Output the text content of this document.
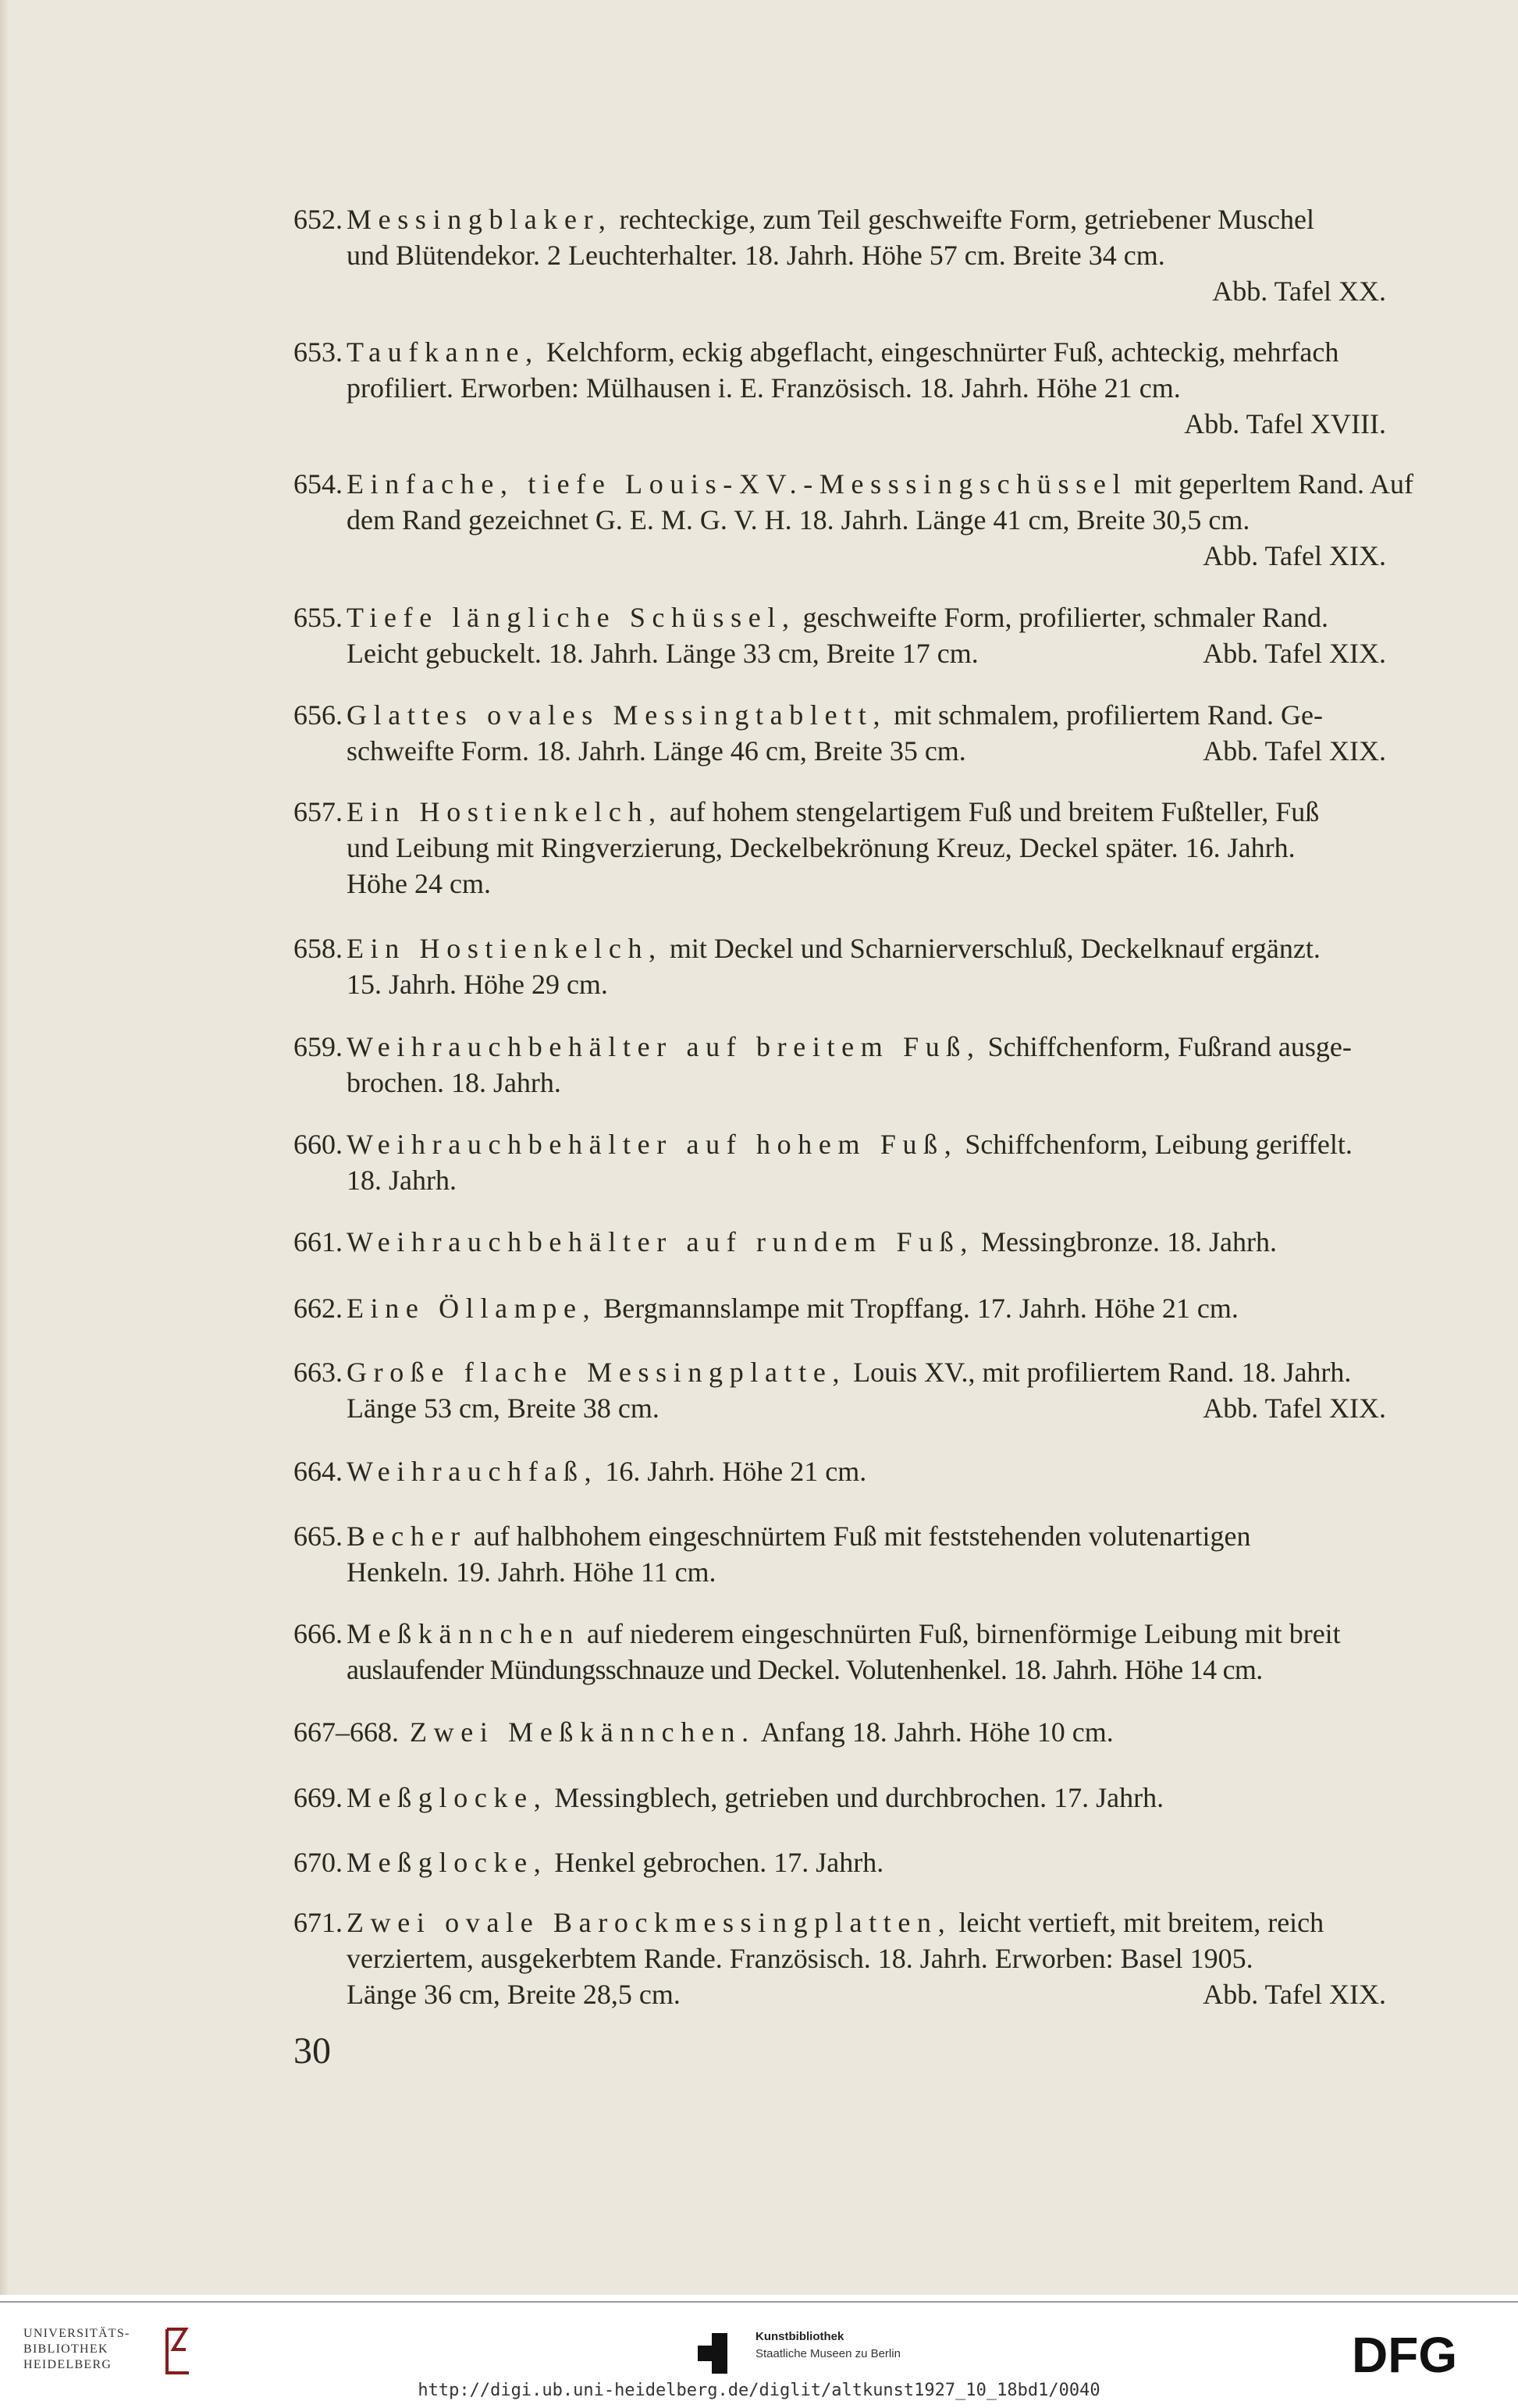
652. Messingblaker, rechteckige, zum Teil geschweifte Form, getriebener Muschel
und Blütendekor. 2 Leuchterhalter. 18. Jahrh. Höhe 57 cm. Breite 34 cm.
Abb. Tafel XX.
653. Taufkanne, Kelchform, eckig abgeflacht, eingeschnürter Fuß, achteckig, mehrfach
profiliert. Erworben: Mülhausen i. E. Französisch. 18. Jahrh. Höhe 21 cm.
Abb. Tafel XVIII.
654. Einfache, tiefe Louis-XV.-Messsingschüssel mit geperltem Rand. Auf
dem Rand gezeichnet G. E. M. G. V. H. 18. Jahrh. Länge 41 cm, Breite 30,5 cm.
Abb. Tafel XIX.
655. Tiefe längliche Schüssel, geschweifte Form, profilierter, schmaler Rand.
Leicht gebuckelt. 18. Jahrh. Länge 33 cm, Breite 17 cm.	Abb. Tafel XIX.
656. Glattes ovales Messingtablett, mit schmalem, profiliertem Rand. Ge-
schweifte Form. 18. Jahrh. Länge 46 cm, Breite 35 cm.	Abb. Tafel XIX.
657. Ein Hostienkelch, auf hohem stengelartigem Fuß und breitem Fußteller, Fuß
und Leibung mit Ringverzierung, Deckelbekrönung Kreuz, Deckel später. 16. Jahrh.
Höhe 24 cm.
658. Ein Hostienkelch, mit Deckel und Scharnierverschluß, Deckelknauf ergänzt.
15. Jahrh. Höhe 29 cm.
659. Weihrauchbehälter auf breitem Fuß, Schiffchenform, Fußrand ausge-
brochen. 18. Jahrh.
660. Weihrauchbehälter auf hohem Fuß, Schiffchenform, Leibung geriffelt.
18. Jahrh.
661. Weihrauchbehälter auf rundem Fuß, Messingbronze. 18. Jahrh.
662. Eine Öllampe, Bergmannslampe mit Tropffang. 17. Jahrh. Höhe 21 cm.
663. Große flache Messingplatte, Louis XV., mit profiliertem Rand. 18. Jahrh.
Länge 53 cm, Breite 38 cm.	Abb. Tafel XIX.
664. Weihrauchfaß, 16. Jahrh. Höhe 21 cm.
665. Becher auf halbhohem eingeschnürtem Fuß mit feststehenden volutenartigen
Henkeln. 19. Jahrh. Höhe 11 cm.
666. Meßkännchen auf niederem eingeschnürten Fuß, birnenförmige Leibung mit breit
auslaufender Mündungsschnauze und Deckel. Volutenhenkel. 18. Jahrh. Höhe 14 cm.
667–668. Zwei Meßkännchen. Anfang 18. Jahrh. Höhe 10 cm.
669. Meßglocke, Messingblech, getrieben und durchbrochen. 17. Jahrh.
670. Meßglocke, Henkel gebrochen. 17. Jahrh.
671. Zwei ovale Barockmessingplatten, leicht vertieft, mit breitem, reich
verziertem, ausgekerbtem Rande. Französisch. 18. Jahrh. Erworben: Basel 1905.
Länge 36 cm, Breite 28,5 cm.	Abb. Tafel XIX.
30
UNIVERSITÄTS-
BIBLIOTHEK
HEIDELBERG
Kunstbibliothek
Staatliche Museen zu Berlin	DFG
http://digi.ub.uni-heidelberg.de/diglit/altkunst1927_10_18bd1/0040
